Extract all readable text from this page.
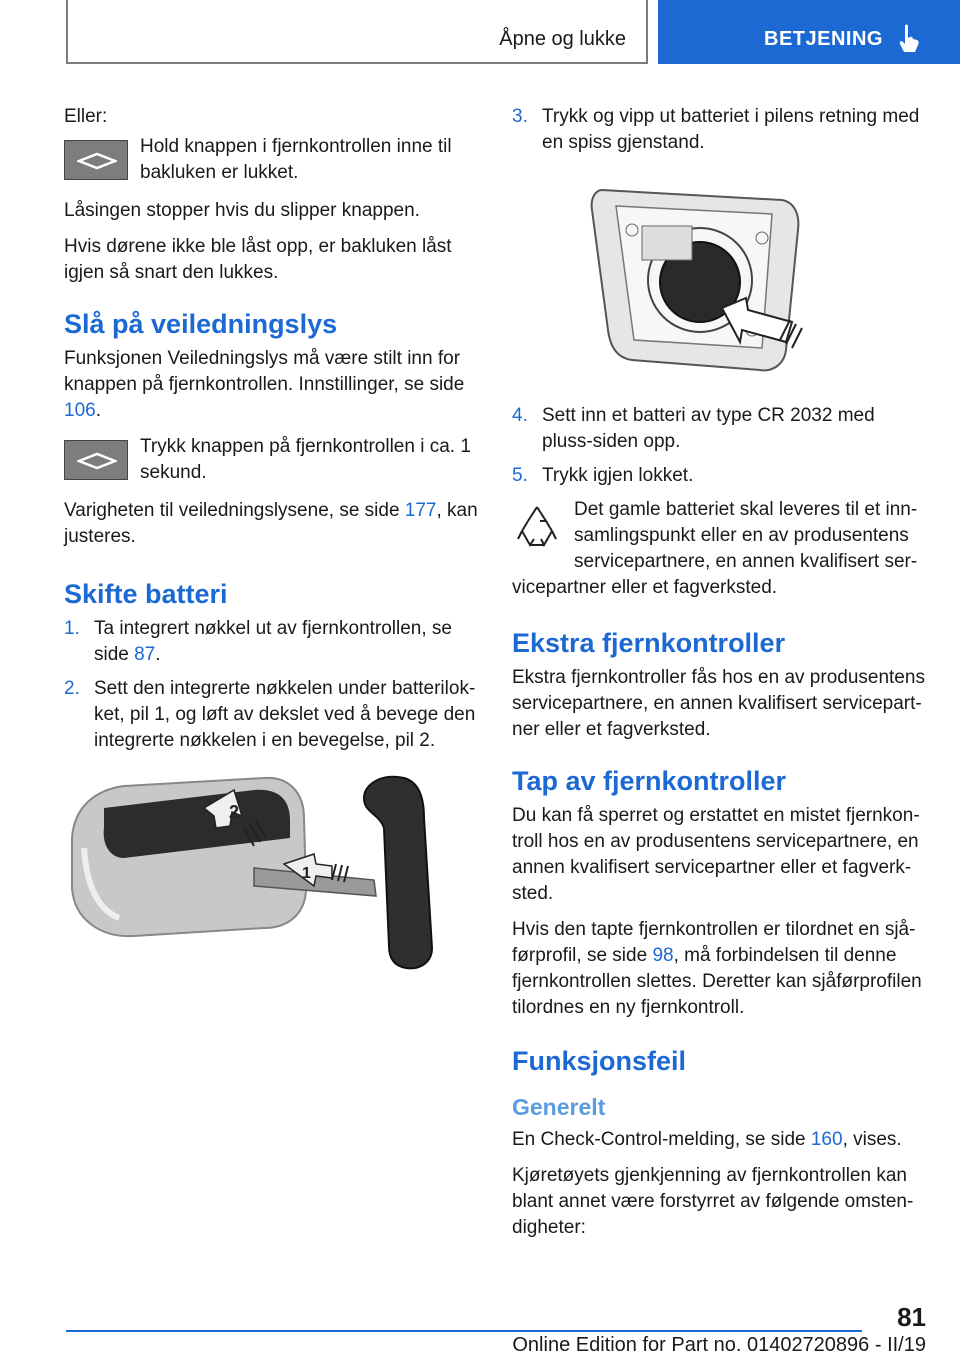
Åpne og lukke	BETJENING

Eller:

Hold knappen i fjernkontrollen inne til bakluken er lukket.

Låsingen stopper hvis du slipper knappen.

Hvis dørene ikke ble låst opp, er bakluken låst igjen så snart den lukkes.

Slå på veiledningslys

Funksjonen Veiledningslys må være stilt inn for knappen på fjernkontrollen. Innstillinger, se side 106.

Trykk knappen på fjernkontrollen i ca. 1 sekund.

Varigheten til veiledningslysene, se side 177, kan justeres.

Skifte batteri
1. Ta integrert nøkkel ut av fjernkontrollen, se side 87.
2. Sett den integrerte nøkkelen under batterilokket, pil 1, og løft av dekslet ved å bevege den integrerte nøkkelen i en bevegelse, pil 2.
2
1
3. Trykk og vipp ut batteriet i pilens retning med en spiss gjenstand.
4. Sett inn et batteri av type CR 2032 med pluss-siden opp.
5. Trykk igjen lokket.
Det gamle batteriet skal leveres til et innsamlingspunkt eller en av produsentens servicepartnere, en annen kvalifisert ser-

vicepartner eller et fagverksted.

Ekstra fjernkontroller

Ekstra fjernkontroller fås hos en av produsentens servicepartnere, en annen kvalifisert servicepartner eller et fagverksted.

Tap av fjernkontroller

Du kan få sperret og erstattet en mistet fjernkontroll hos en av produsentens servicepartnere, en annen kvalifisert servicepartner eller et fagverksted.

Hvis den tapte fjernkontrollen er tilordnet en sjåførprofil, se side 98, må forbindelsen til denne fjernkontrollen slettes. Deretter kan sjåførprofilen tilordnes en ny fjernkontroll.

Funksjonsfeil
Generelt

En Check-Control-melding, se side 160, vises.

Kjøretøyets gjenkjenning av fjernkontrollen kan blant annet være forstyrret av følgende omstendigheter:

81
Online Edition for Part no. 01402720896 - II/19
